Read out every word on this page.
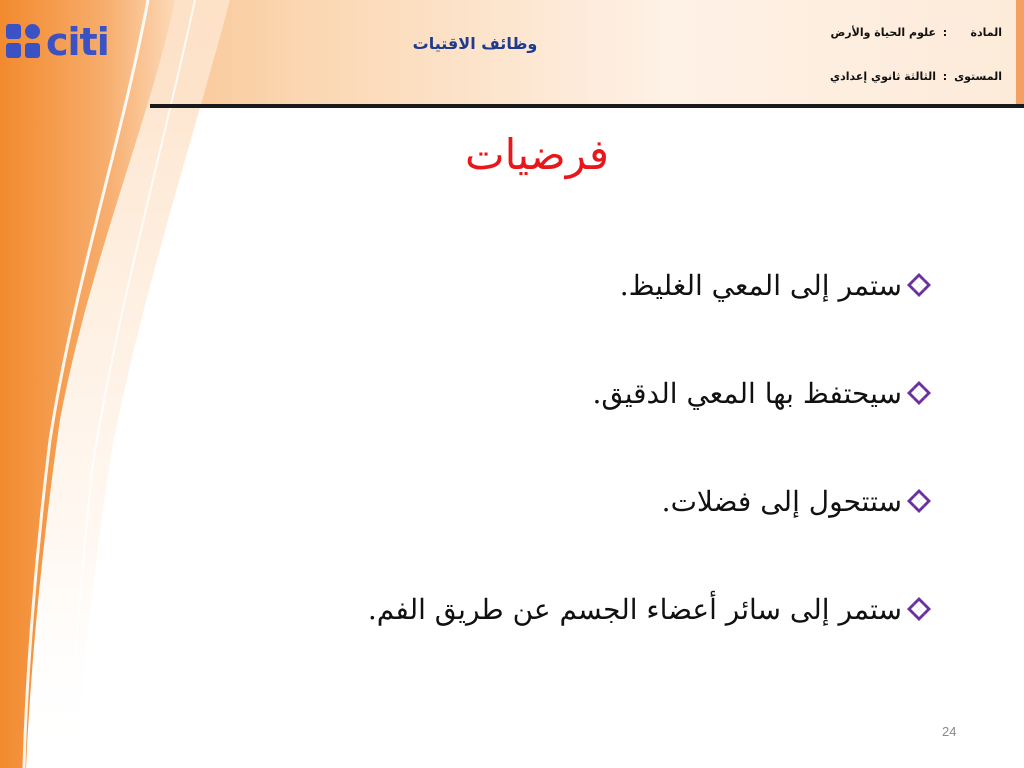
citi	وظائف الاقتيات
المادة
:
علوم الحياة والأرض
المستوى
:
الثالثة ثانوي إعدادي
فرضيات
ستمر إلى المعي الغليظ.
سيحتفظ بها المعي الدقيق.
ستتحول إلى فضلات.
ستمر إلى سائر أعضاء الجسم عن طريق الفم.
24
